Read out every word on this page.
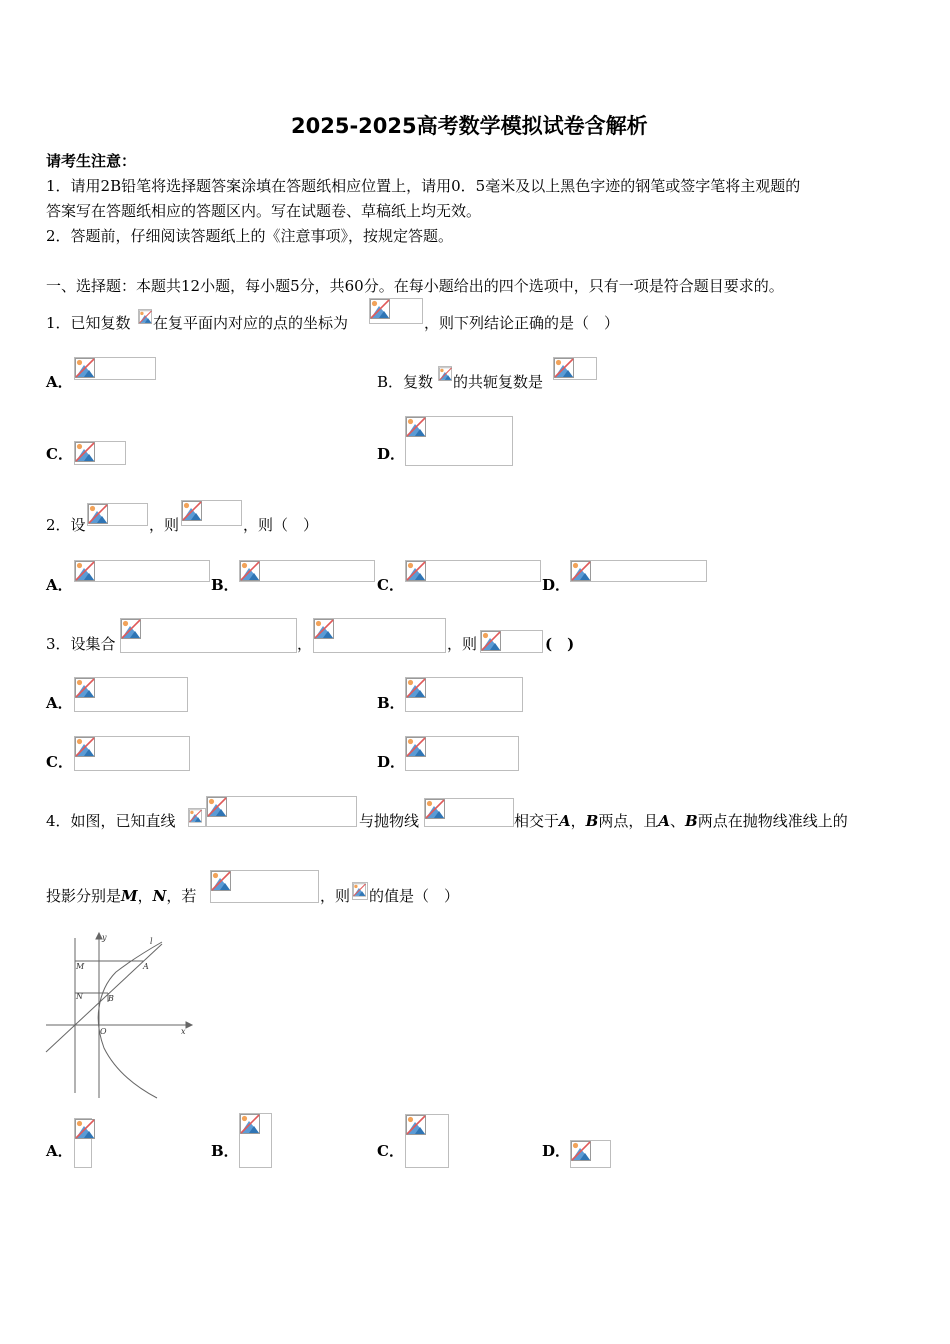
2025-2025高考数学模拟试卷含解析
请考生注意：
1．请用2B铅笔将选择题答案涂填在答题纸相应位置上，请用0．5毫米及以上黑色字迹的钢笔或签字笔将主观题的
答案写在答题纸相应的答题区内。写在试题卷、草稿纸上均无效。
2．答题前，仔细阅读答题纸上的《注意事项》，按规定答题。
一、选择题：本题共12小题，每小题5分，共60分。在每小题给出的四个选项中，只有一项是符合题目要求的。
1．已知复数 在复平面内对应的点的坐标为	，则下列结论正确的是（　）
A．	B．复数 的共轭复数是
C．	D．
2．设	，则	，则（　）
A．	B．	C．	D．
3．设集合	，	，则	(　)
A．	B．
C．	D．
4．如图，已知直线	与抛物线	相交于A，B两点，且A、B两点在抛物线准线上的
投影分别是M，N，若	，则 的值是（　）
y	l
M	A
N	B
O	x
A．	B．	C．	D．
